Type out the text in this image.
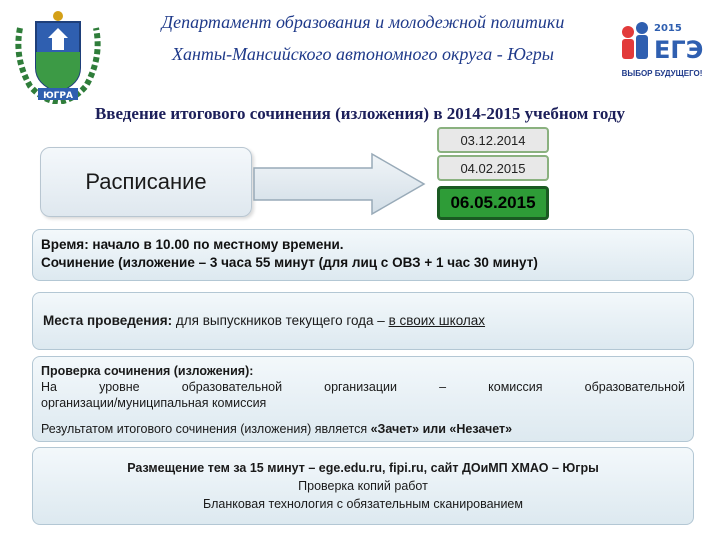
ЮГРА
Департамент образования и молодежной политики
Ханты-Мансийского автономного округа - Югры
2015
ЕГЭ
ВЫБОР БУДУЩЕГО!
Введение итогового сочинения (изложения) в 2014-2015 учебном году
Расписание
03.12.2014
04.02.2015
06.05.2015
Время: начало в 10.00 по местному времени.
Сочинение (изложение – 3 часа 55 минут (для лиц с ОВЗ + 1 час 30 минут)
Места проведения: для выпускников текущего года – в своих школах
Проверка сочинения (изложения):
На	уровне	образовательной	организации	–	комиссия	образовательной
организации/муниципальная комиссия
Результатом итогового сочинения (изложения) является «Зачет» или «Незачет»
Размещение тем за 15 минут – ege.edu.ru, fipi.ru, сайт ДОиМП ХМАО – Югры
Проверка копий работ
Бланковая технология с обязательным сканированием
